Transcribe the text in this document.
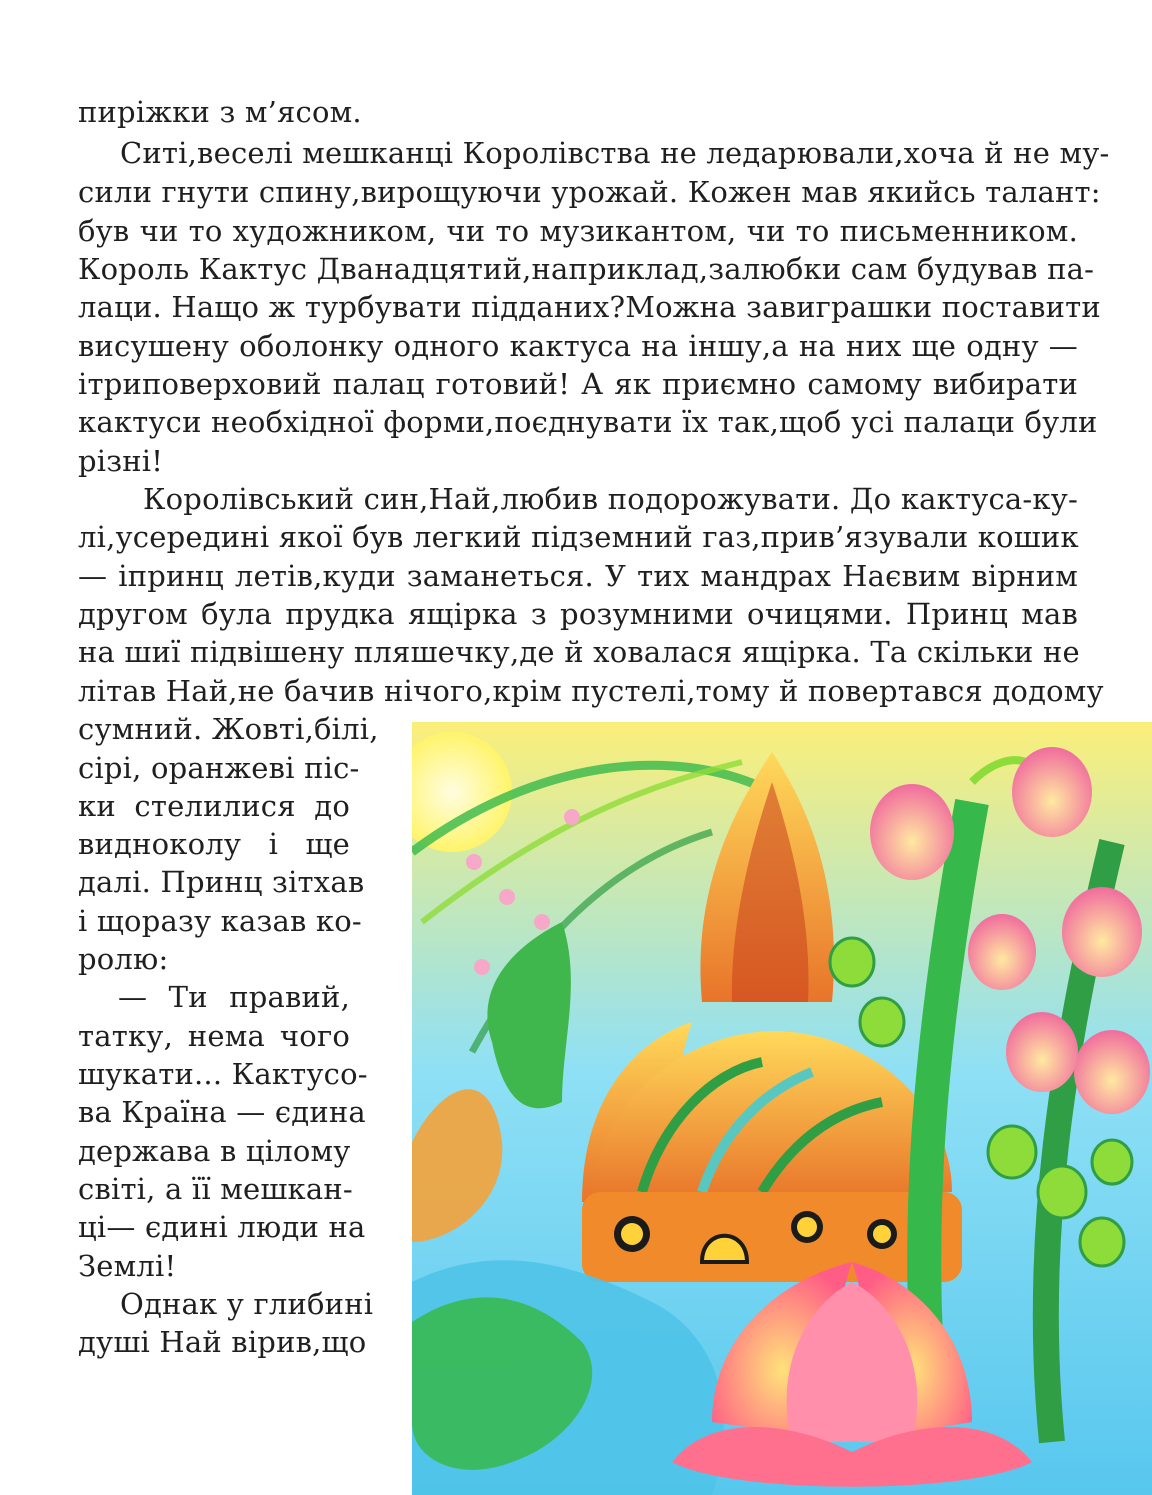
пиріжки з м’ясом.
Ситі,веселі мешканці Королівства не ледарювали,хоча й не му-
сили гнути спину,вирощуючи урожай. Кожен мав якийсь талант:
був чи то художником, чи то музикантом, чи то письменником.
Король Кактус Дванадцятий,наприклад,залюбки сам будував па-
лаци. Нащо ж турбувати підданих?Можна завиграшки поставити
висушену оболонку одного кактуса на іншу,а на них ще одну —
ітриповерховий палац готовий! А як приємно самому вибирати
кактуси необхідної форми,поєднувати їх так,щоб усі палаци були
різні!
Королівський син,Най,любив подорожувати. До кактуса-ку-
лі,усередині якої був легкий підземний газ,прив’язували кошик
— іпринц летів,куди заманеться. У тих мандрах Наєвим вірним
другом була прудка ящірка з розумними очицями. Принц мав
на шиї підвішену пляшечку,де й ховалася ящірка. Та скільки не
літав Най,не бачив нічого,крім пустелі,тому й повертався додому
сумний. Жовті,білі,
сірі, оранжеві піс-
ки стелилися до
видноколу і ще
далі. Принц зітхав
і щоразу казав ко-
ролю:
— Ти правий,
татку, нема чого
шукати... Кактусо-
ва Країна — єдина
держава в цілому
світі, а її мешкан-
ці— єдині люди на
Землі!
Однак у глибині
душі Най вірив,що
